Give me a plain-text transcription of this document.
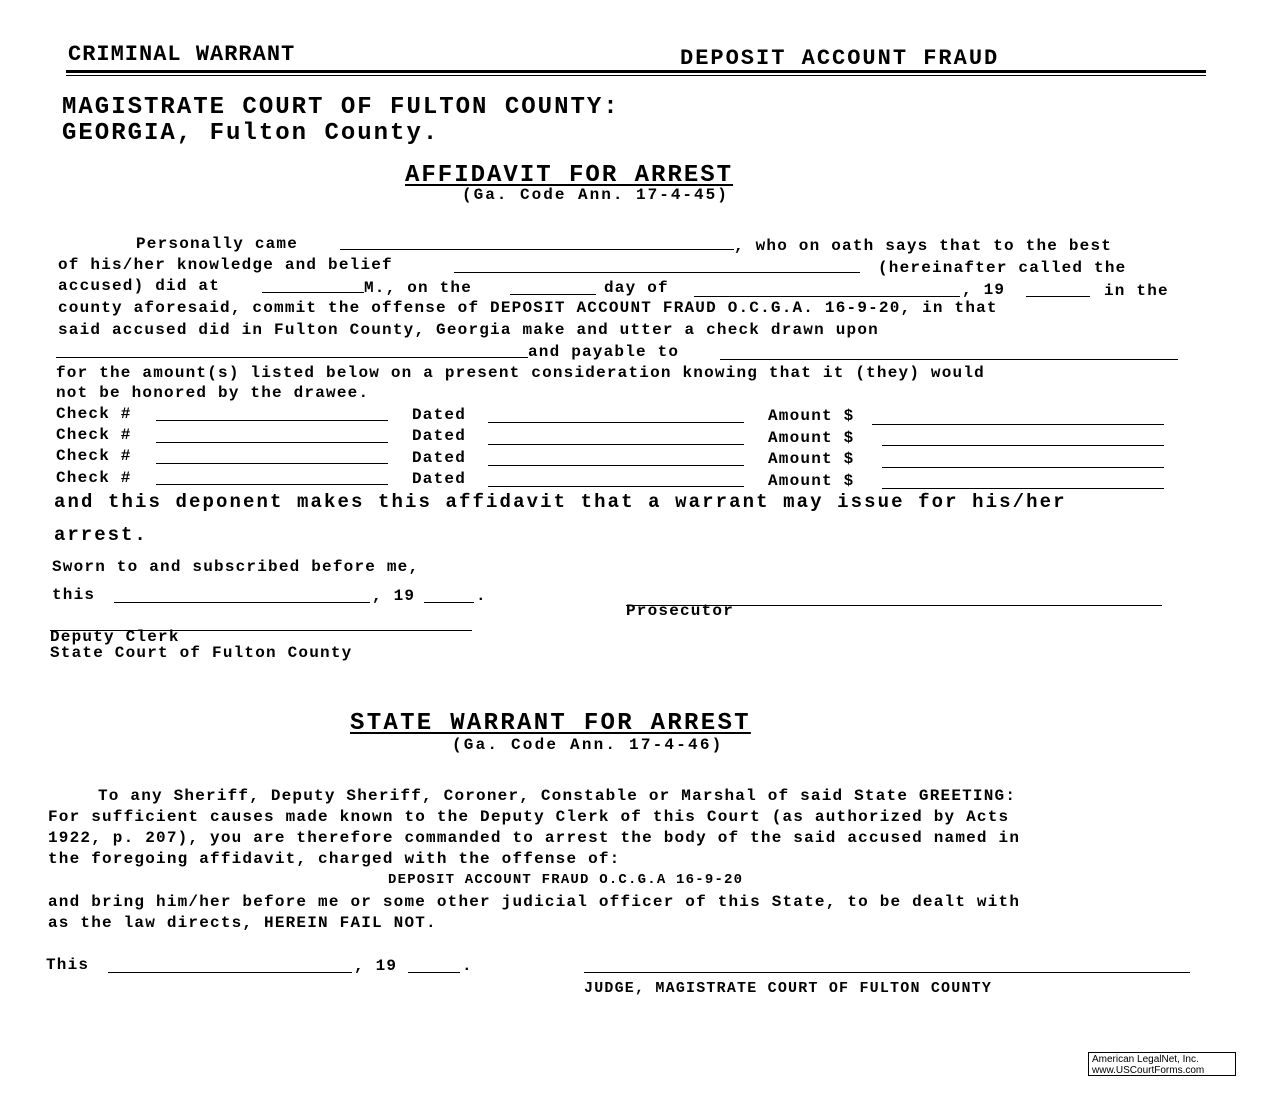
CRIMINAL WARRANT	DEPOSIT ACCOUNT FRAUD
MAGISTRATE COURT OF FULTON COUNTY:
GEORGIA, Fulton County.
AFFIDAVIT FOR ARREST
(Ga. Code Ann. 17-4-45)
Personally came	, who on oath says that to the best
of his/her knowledge and belief	(hereinafter called the
accused) did at	M., on the	day of	, 19	in the
county aforesaid, commit the offense of DEPOSIT ACCOUNT FRAUD O.C.G.A. 16-9-20, in that
said accused did in Fulton County, Georgia make and utter a check drawn upon
and payable to
for the amount(s) listed below on a present consideration knowing that it (they) would
not be honored by the drawee.
Check #	Dated	Amount $
Check #	Dated	Amount $
Check #	Dated	Amount $
Check #	Dated	Amount $
and this deponent makes this affidavit that a warrant may issue for his/her
arrest.
Sworn to and subscribed before me,
this	, 19	.
Prosecutor
Deputy Clerk
State Court of Fulton County
STATE WARRANT FOR ARREST
(Ga. Code Ann. 17-4-46)
To any Sheriff, Deputy Sheriff, Coroner, Constable or Marshal of said State GREETING:
For sufficient causes made known to the Deputy Clerk of this Court (as authorized by Acts
1922, p. 207), you are therefore commanded to arrest the body of the said accused named in
the foregoing affidavit, charged with the offense of:
DEPOSIT ACCOUNT FRAUD O.C.G.A 16-9-20
and bring him/her before me or some other judicial officer of this State, to be dealt with
as the law directs, HEREIN FAIL NOT.
This	, 19	.
JUDGE, MAGISTRATE COURT OF FULTON COUNTY
American LegalNet, Inc.
www.USCourtForms.com
